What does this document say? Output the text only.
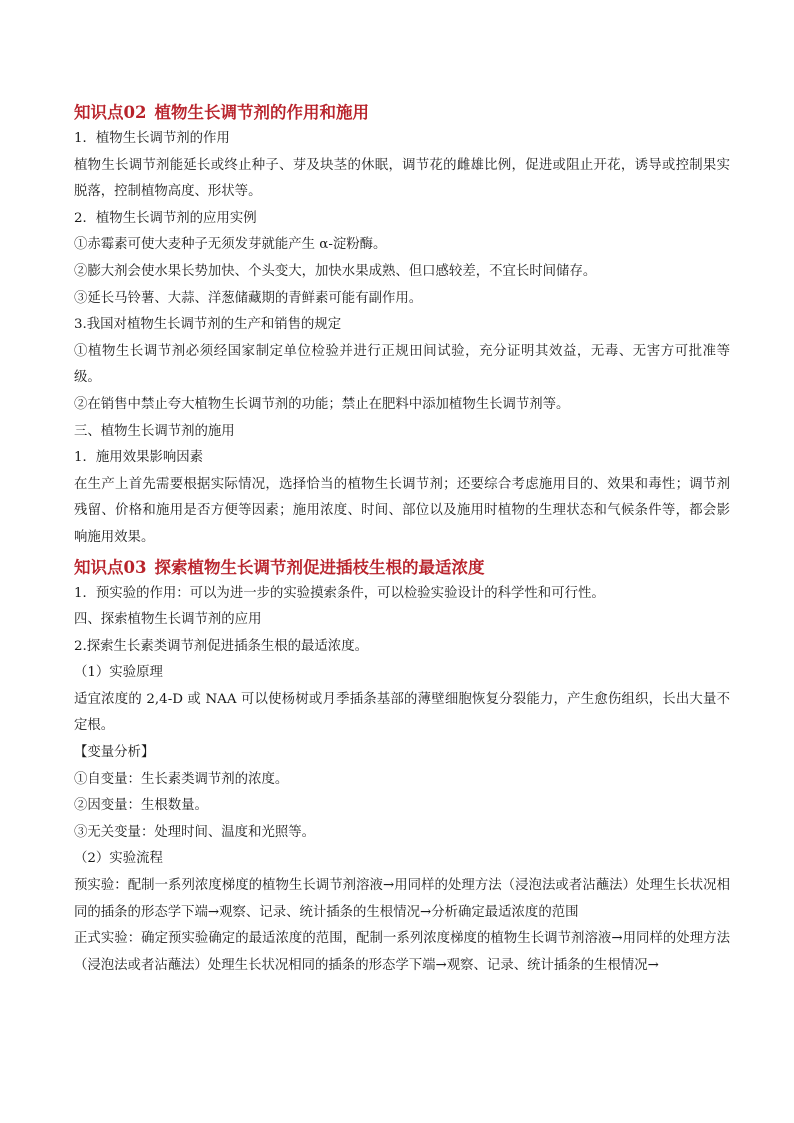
知识点02 植物生长调节剂的作用和施用
1．植物生长调节剂的作用
植物生长调节剂能延长或终止种子、芽及块茎的休眠，调节花的雌雄比例，促进或阻止开花，诱导或控制果实脱落，控制植物高度、形状等。
2．植物生长调节剂的应用实例
①赤霉素可使大麦种子无须发芽就能产生 α-淀粉酶。
②膨大剂会使水果长势加快、个头变大，加快水果成熟、但口感较差，不宜长时间储存。
③延长马铃薯、大蒜、洋葱储藏期的青鲜素可能有副作用。
3.我国对植物生长调节剂的生产和销售的规定
①植物生长调节剂必须经国家制定单位检验并进行正规田间试验，充分证明其效益，无毒、无害方可批准等级。
②在销售中禁止夸大植物生长调节剂的功能；禁止在肥料中添加植物生长调节剂等。
三、植物生长调节剂的施用
1．施用效果影响因素
在生产上首先需要根据实际情况，选择恰当的植物生长调节剂；还要综合考虑施用目的、效果和毒性；调节剂残留、价格和施用是否方便等因素；施用浓度、时间、部位以及施用时植物的生理状态和气候条件等，都会影响施用效果。
知识点03 探索植物生长调节剂促进插枝生根的最适浓度
1．预实验的作用：可以为进一步的实验摸索条件，可以检验实验设计的科学性和可行性。
四、探索植物生长调节剂的应用
2.探索生长素类调节剂促进插条生根的最适浓度。
（1）实验原理
适宜浓度的 2,4-D 或 NAA 可以使杨树或月季插条基部的薄壁细胞恢复分裂能力，产生愈伤组织，长出大量不定根。
【变量分析】
①自变量：生长素类调节剂的浓度。
②因变量：生根数量。
③无关变量：处理时间、温度和光照等。
（2）实验流程
预实验：配制一系列浓度梯度的植物生长调节剂溶液→用同样的处理方法（浸泡法或者沾蘸法）处理生长状况相同的插条的形态学下端→观察、记录、统计插条的生根情况→分析确定最适浓度的范围
正式实验：确定预实验确定的最适浓度的范围，配制一系列浓度梯度的植物生长调节剂溶液→用同样的处理方法（浸泡法或者沾蘸法）处理生长状况相同的插条的形态学下端→观察、记录、统计插条的生根情况→
